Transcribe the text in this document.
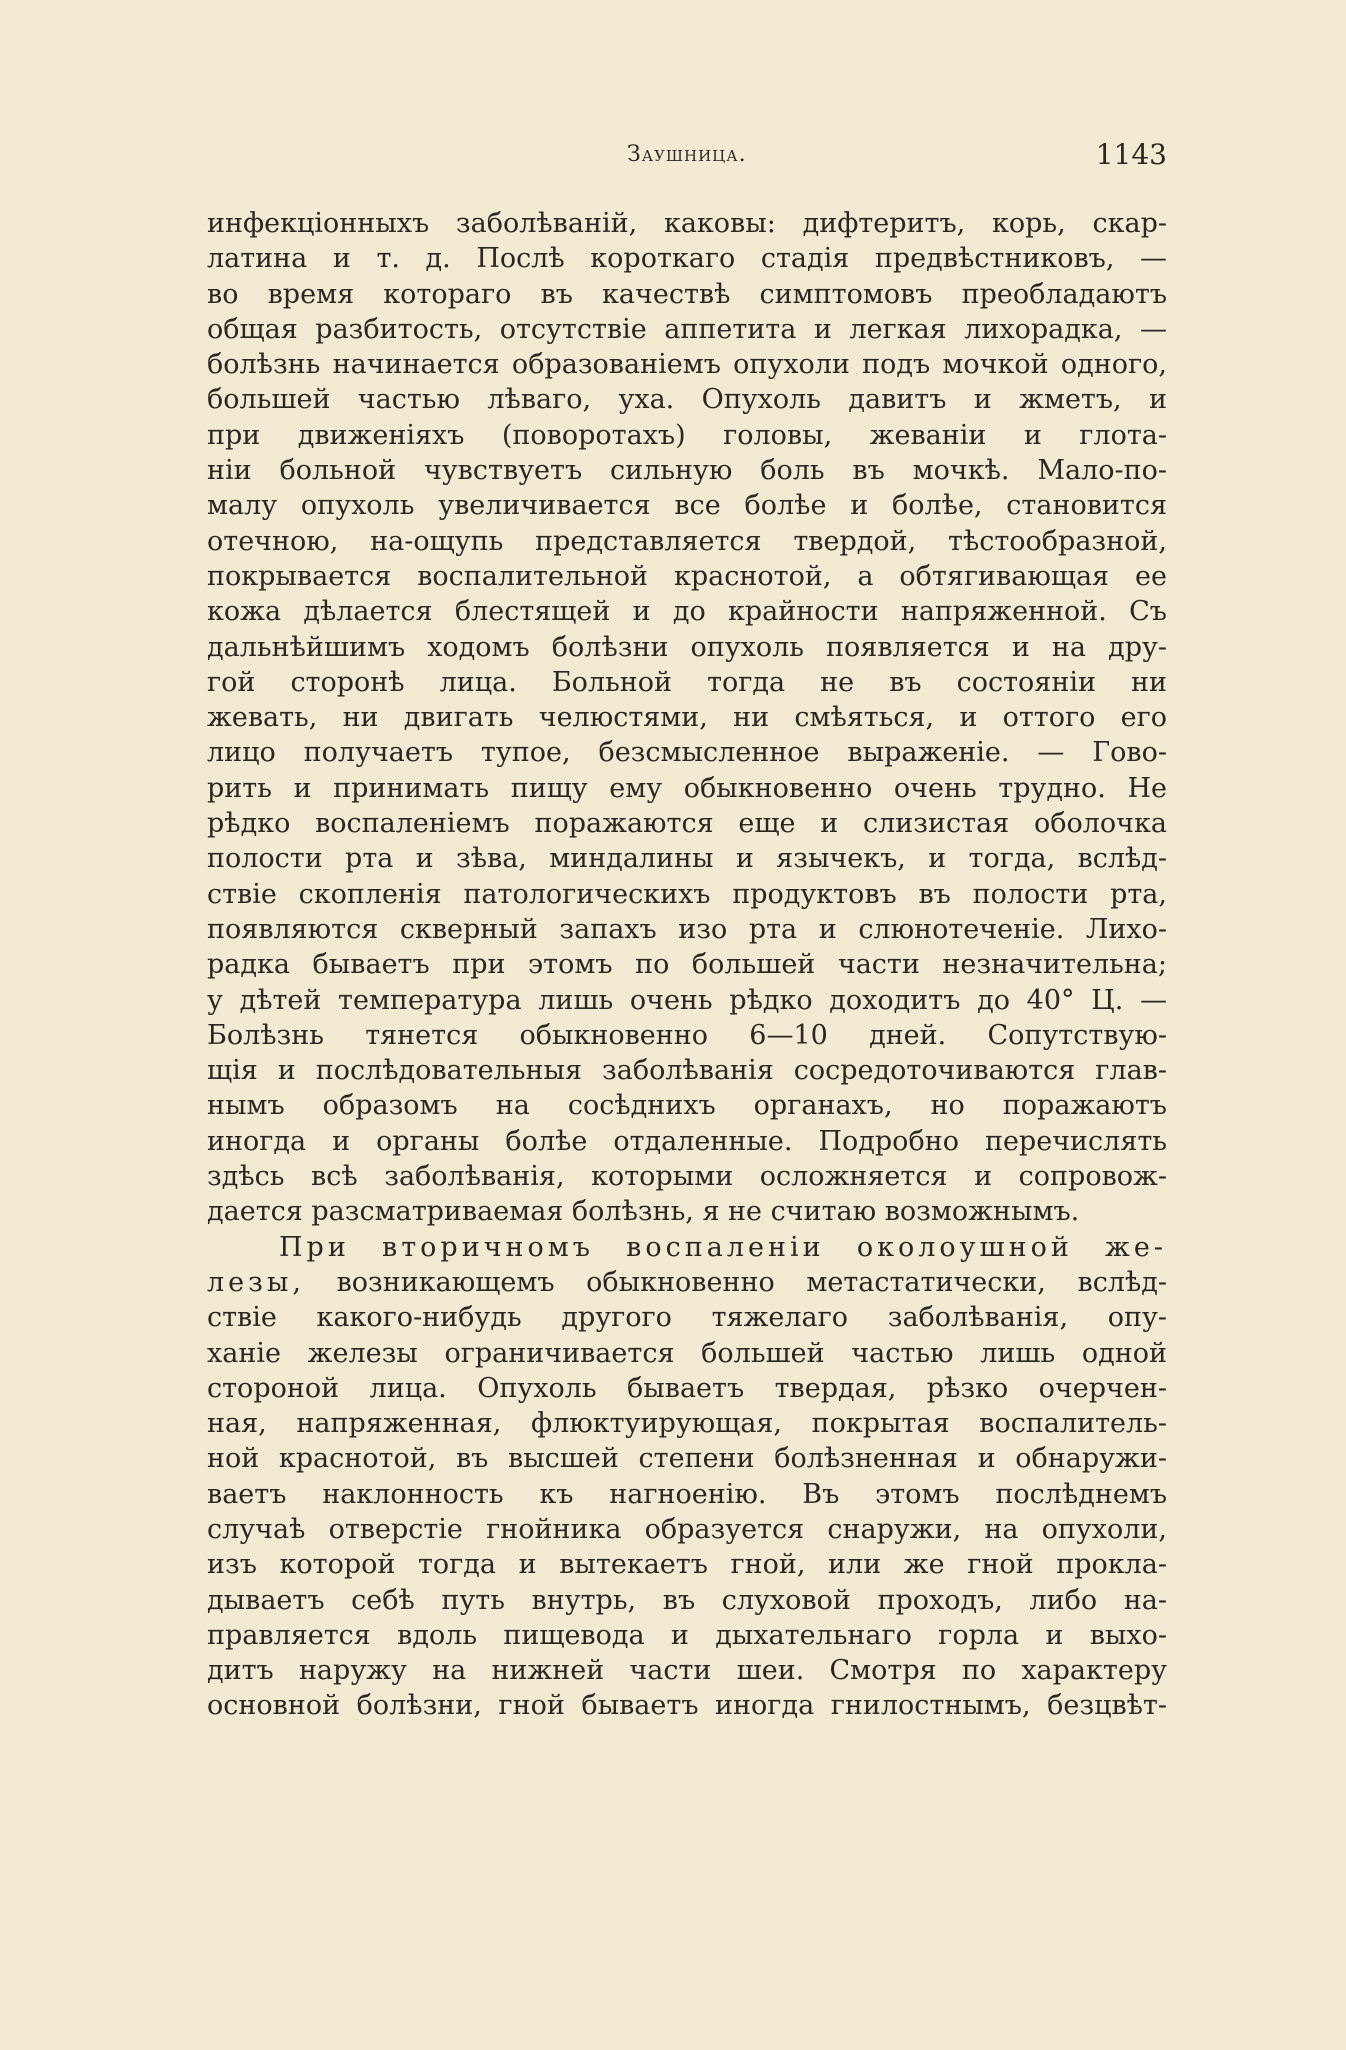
Заушница.	1143
инфекціонныхъ заболѣваній, каковы: дифтеритъ, корь, скар-
латина и т. д. Послѣ короткаго стадія предвѣстниковъ, —
во время котораго въ качествѣ симптомовъ преобладаютъ
общая разбитость, отсутствіе аппетита и легкая лихорадка, —
болѣзнь начинается образованіемъ опухоли подъ мочкой одного,
большей частью лѣваго, уха. Опухоль давитъ и жметъ, и
при движеніяхъ (поворотахъ) головы, жеваніи и глота-
ніи больной чувствуетъ сильную боль въ мочкѣ. Мало-по-
малу опухоль увеличивается все болѣе и болѣе, становится
отечною, на-ощупь представляется твердой, тѣстообразной,
покрывается воспалительной краснотой, а обтягивающая ее
кожа дѣлается блестящей и до крайности напряженной. Съ
дальнѣйшимъ ходомъ болѣзни опухоль появляется и на дру-
гой сторонѣ лица. Больной тогда не въ состояніи ни
жевать, ни двигать челюстями, ни смѣяться, и оттого его
лицо получаетъ тупое, безсмысленное выраженіе. — Гово-
рить и принимать пищу ему обыкновенно очень трудно. Не
рѣдко воспаленіемъ поражаются еще и слизистая оболочка
полости рта и зѣва, миндалины и язычекъ, и тогда, вслѣд-
ствіе скопленія патологическихъ продуктовъ въ полости рта,
появляются скверный запахъ изо рта и слюнотеченіе. Лихо-
радка бываетъ при этомъ по большей части незначительна;
у дѣтей температура лишь очень рѣдко доходитъ до 40° Ц. —
Болѣзнь тянется обыкновенно 6—10 дней. Сопутствую-
щія и послѣдовательныя заболѣванія сосредоточиваются глав-
нымъ образомъ на сосѣднихъ органахъ, но поражаютъ
иногда и органы болѣе отдаленные. Подробно перечислять
здѣсь всѣ заболѣванія, которыми осложняется и сопровож-
дается разсматриваемая болѣзнь, я не считаю возможнымъ.
При вторичномъ воспаленіи околоушной же-
лезы, возникающемъ обыкновенно метастатически, вслѣд-
ствіе какого-нибудь другого тяжелаго заболѣванія, опу-
ханіе железы ограничивается большей частью лишь одной
стороной лица. Опухоль бываетъ твердая, рѣзко очерчен-
ная, напряженная, флюктуирующая, покрытая воспалитель-
ной краснотой, въ высшей степени болѣзненная и обнаружи-
ваетъ наклонность къ нагноенію. Въ этомъ послѣднемъ
случаѣ отверстіе гнойника образуется снаружи, на опухоли,
изъ которой тогда и вытекаетъ гной, или же гной прокла-
дываетъ себѣ путь внутрь, въ слуховой проходъ, либо на-
правляется вдоль пищевода и дыхательнаго горла и выхо-
дитъ наружу на нижней части шеи. Смотря по характеру
основной болѣзни, гной бываетъ иногда гнилостнымъ, безцвѣт-
